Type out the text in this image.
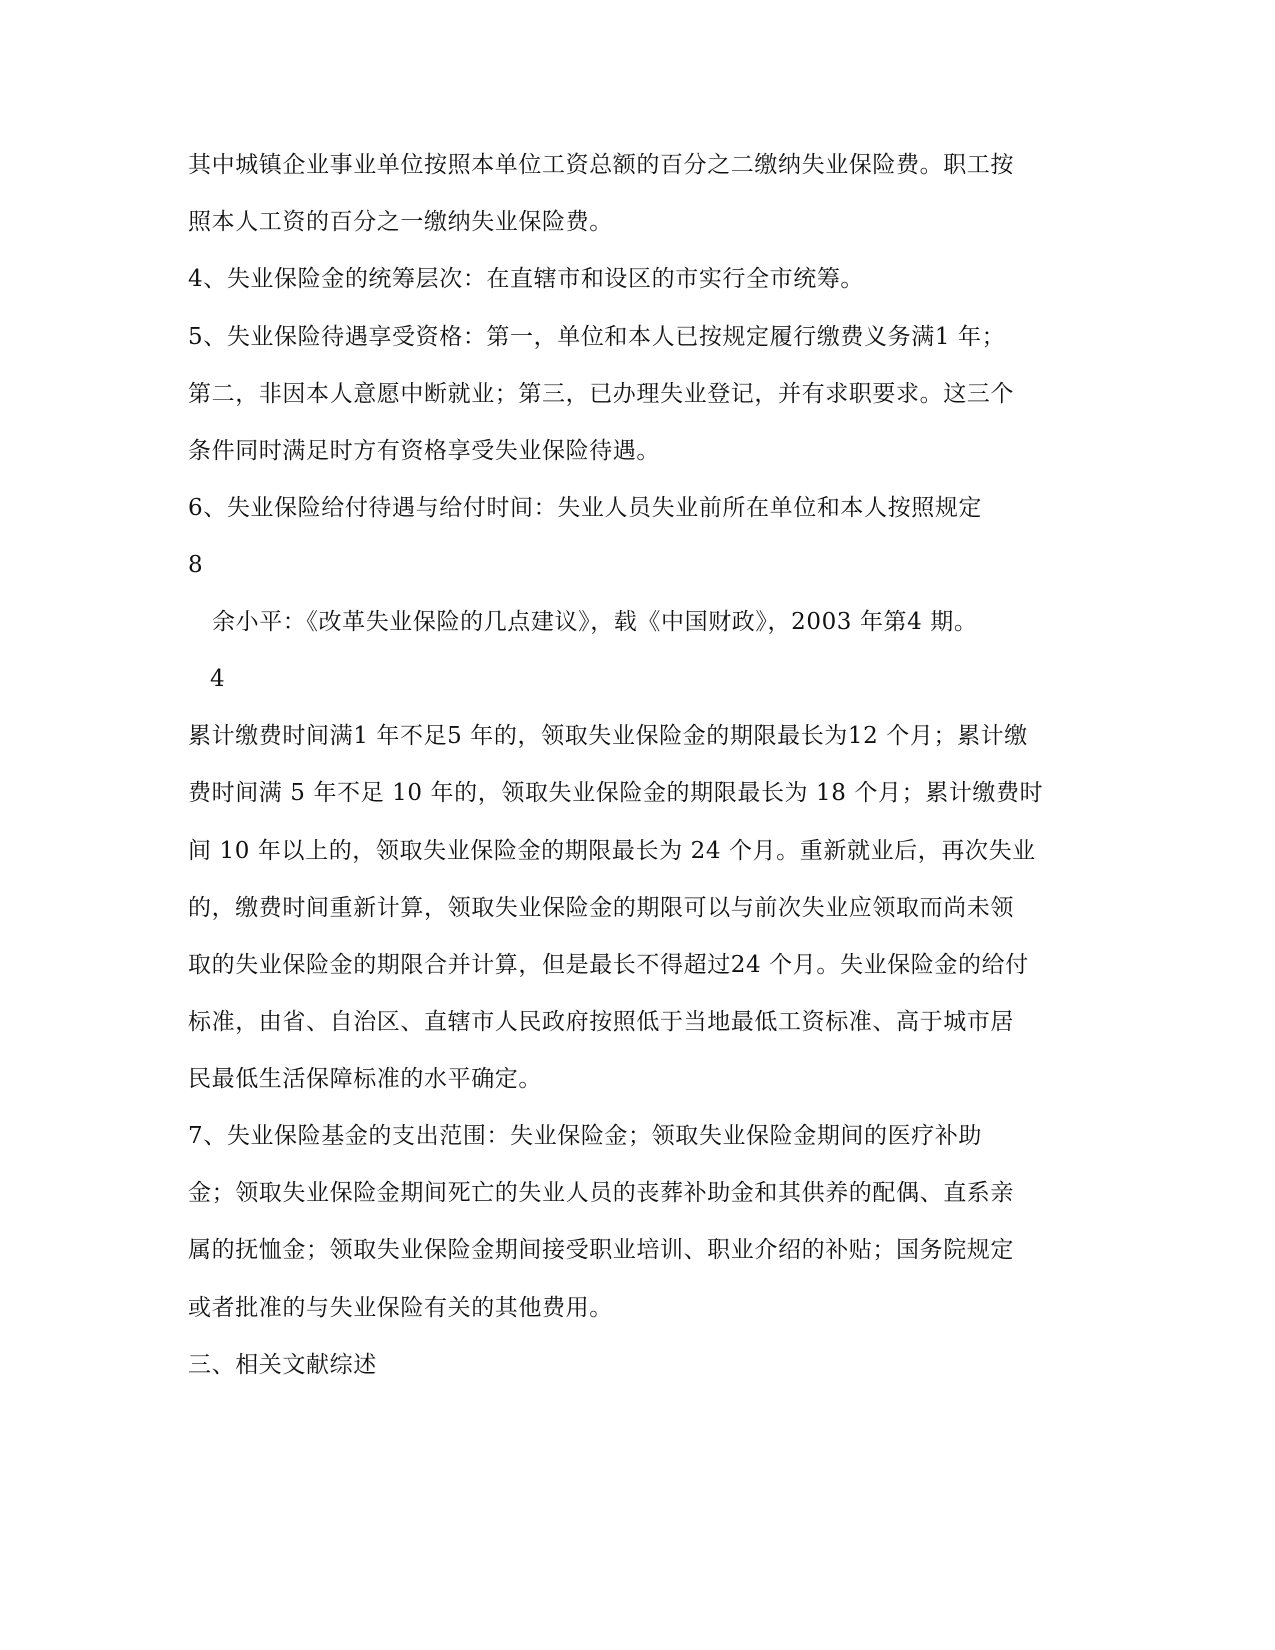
其中城镇企业事业单位按照本单位工资总额的百分之二缴纳失业保险费。职工按
照本人工资的百分之一缴纳失业保险费。
4、失业保险金的统筹层次：在直辖市和设区的市实行全市统筹。
5、失业保险待遇享受资格：第一，单位和本人已按规定履行缴费义务满1 年；
第二，非因本人意愿中断就业；第三，已办理失业登记，并有求职要求。这三个
条件同时满足时方有资格享受失业保险待遇。
6、失业保险给付待遇与给付时间：失业人员失业前所在单位和本人按照规定
8
余小平：《改革失业保险的几点建议》，载《中国财政》，2003 年第4 期。
4
累计缴费时间满1 年不足5 年的，领取失业保险金的期限最长为12 个月；累计缴
费时间满 5 年不足 10 年的，领取失业保险金的期限最长为 18 个月；累计缴费时
间 10 年以上的，领取失业保险金的期限最长为 24 个月。重新就业后，再次失业
的，缴费时间重新计算，领取失业保险金的期限可以与前次失业应领取而尚未领
取的失业保险金的期限合并计算，但是最长不得超过24 个月。失业保险金的给付
标准，由省、自治区、直辖市人民政府按照低于当地最低工资标准、高于城市居
民最低生活保障标准的水平确定。
7、失业保险基金的支出范围：失业保险金；领取失业保险金期间的医疗补助
金；领取失业保险金期间死亡的失业人员的丧葬补助金和其供养的配偶、直系亲
属的抚恤金；领取失业保险金期间接受职业培训、职业介绍的补贴；国务院规定
或者批准的与失业保险有关的其他费用。
三、相关文献综述
